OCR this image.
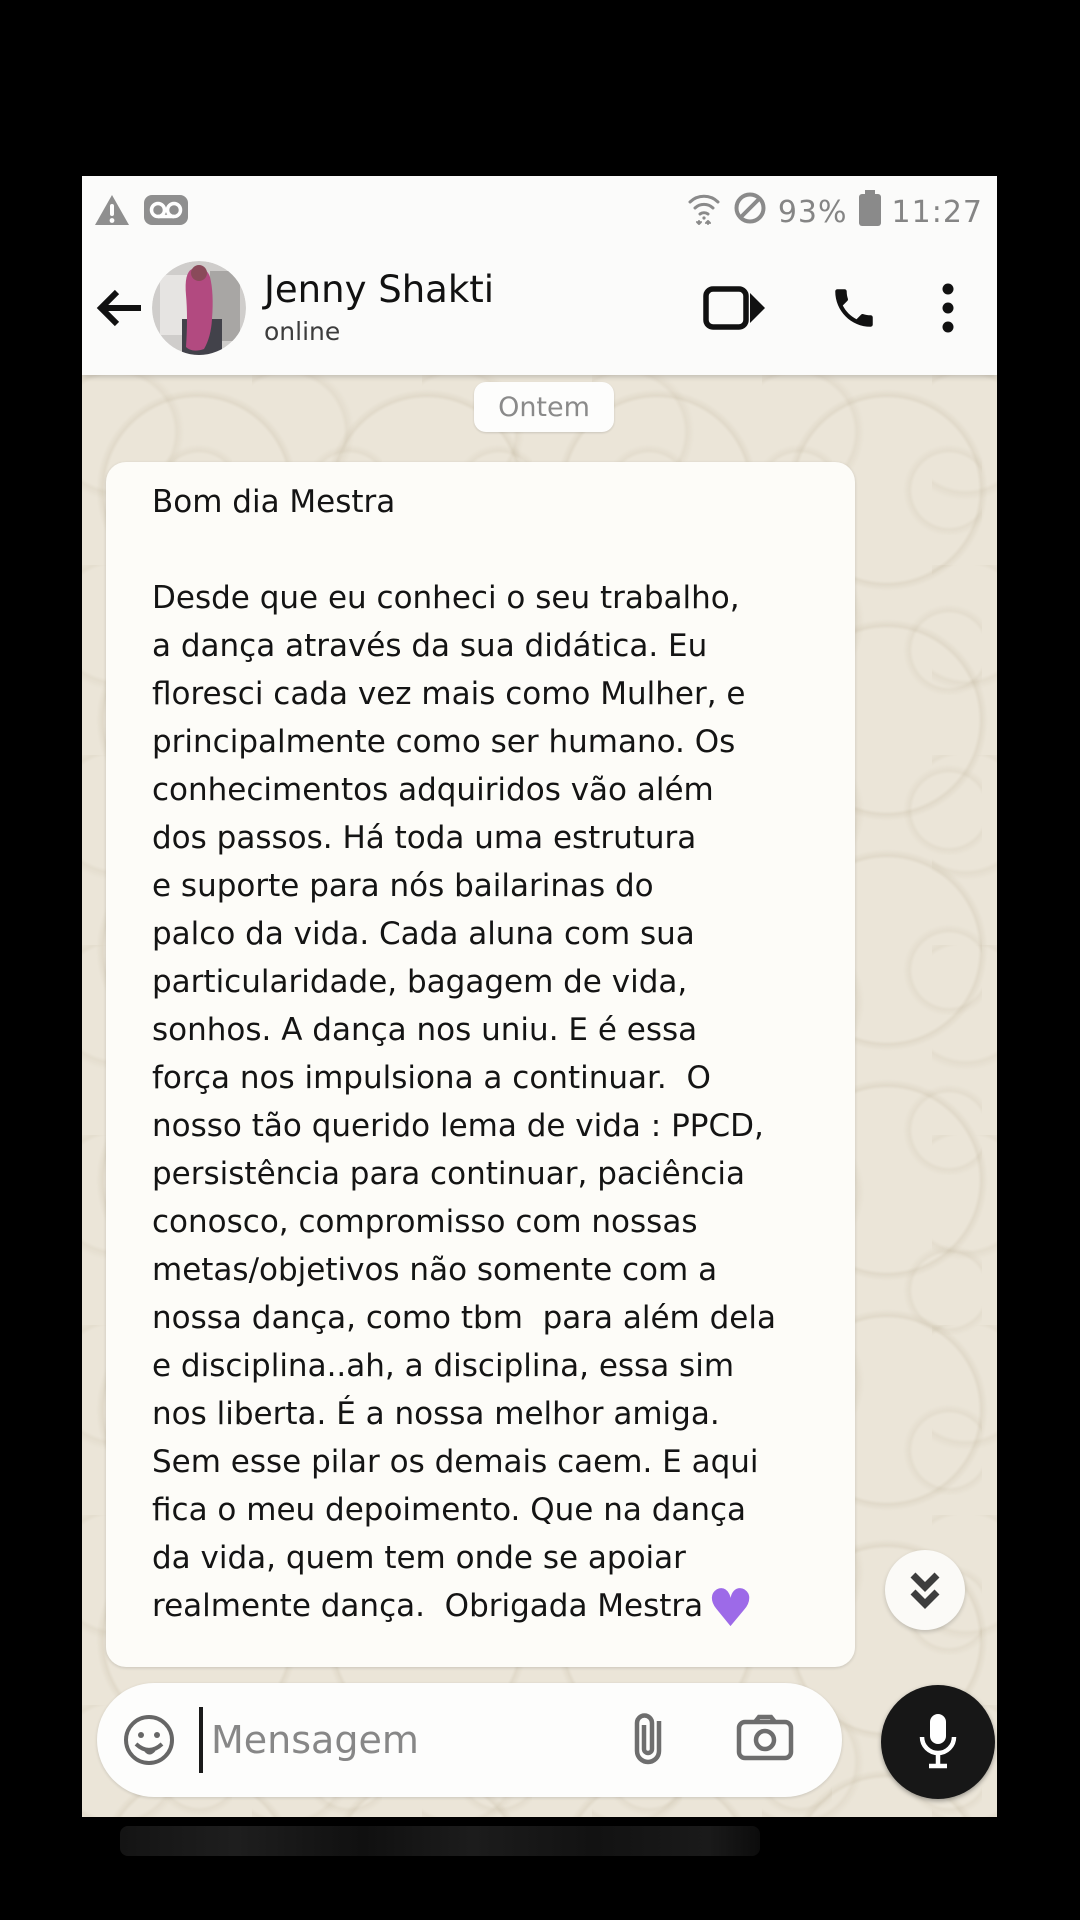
93% 11:27
Jenny Shakti
online
Ontem
Bom dia Mestra
Desde que eu conheci o seu trabalho,
a dança através da sua didática. Eu
floresci cada vez mais como Mulher, e
principalmente como ser humano. Os
conhecimentos adquiridos vão além
dos passos. Há toda uma estrutura
e suporte para nós bailarinas do
palco da vida. Cada aluna com sua
particularidade, bagagem de vida,
sonhos. A dança nos uniu. E é essa
força nos impulsiona a continuar.  O
nosso tão querido lema de vida : PPCD,
persistência para continuar, paciência
conosco, compromisso com nossas
metas/objetivos não somente com a
nossa dança, como tbm  para além dela
e disciplina..ah, a disciplina, essa sim
nos liberta. É a nossa melhor amiga.
Sem esse pilar os demais caem. E aqui
fica o meu depoimento. Que na dança
da vida, quem tem onde se apoiar
realmente dança.  Obrigada Mestra♥
Mensagem
